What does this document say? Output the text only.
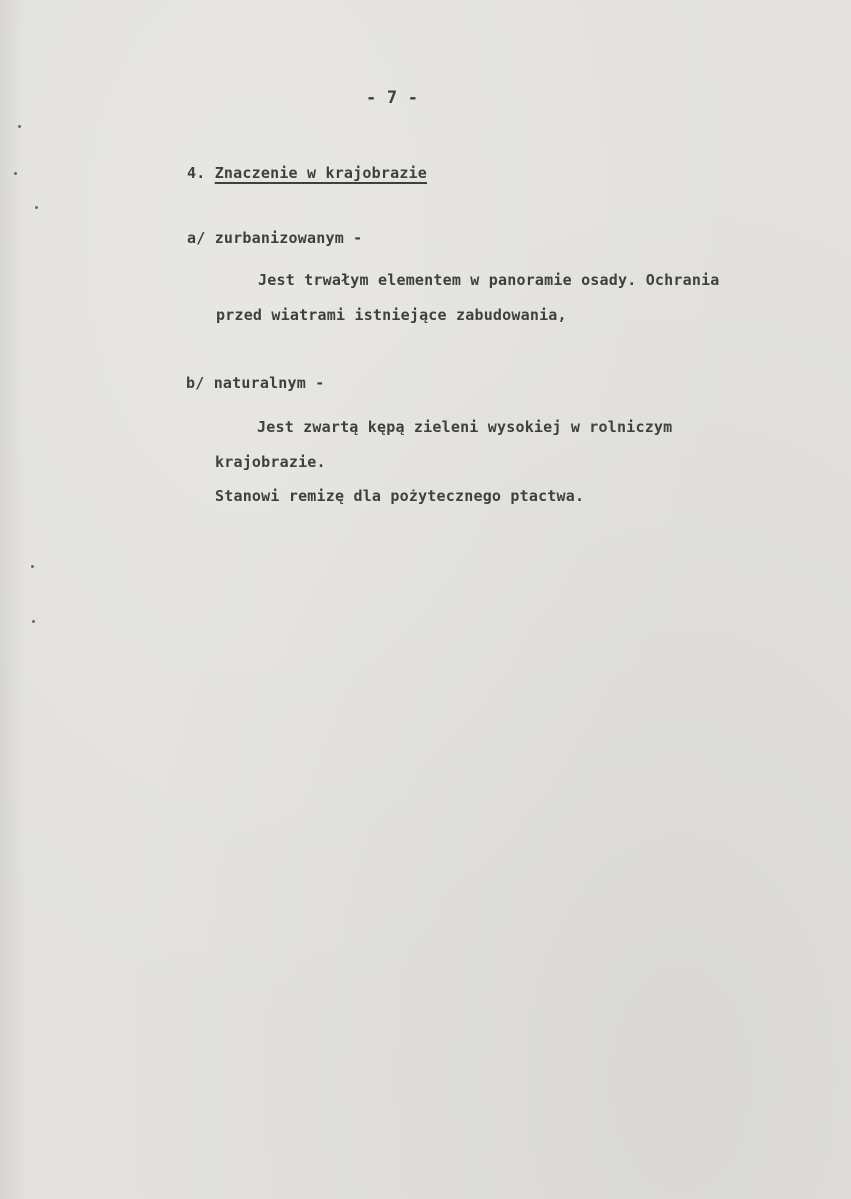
- 7 -
4. Znaczenie w krajobrazie
a/ zurbanizowanym -
Jest trwałym elementem w panoramie osady. Ochrania
przed wiatrami istniejące zabudowania,
b/ naturalnym -
Jest zwartą kępą zieleni wysokiej w rolniczym
krajobrazie.
Stanowi remizę dla pożytecznego ptactwa.
